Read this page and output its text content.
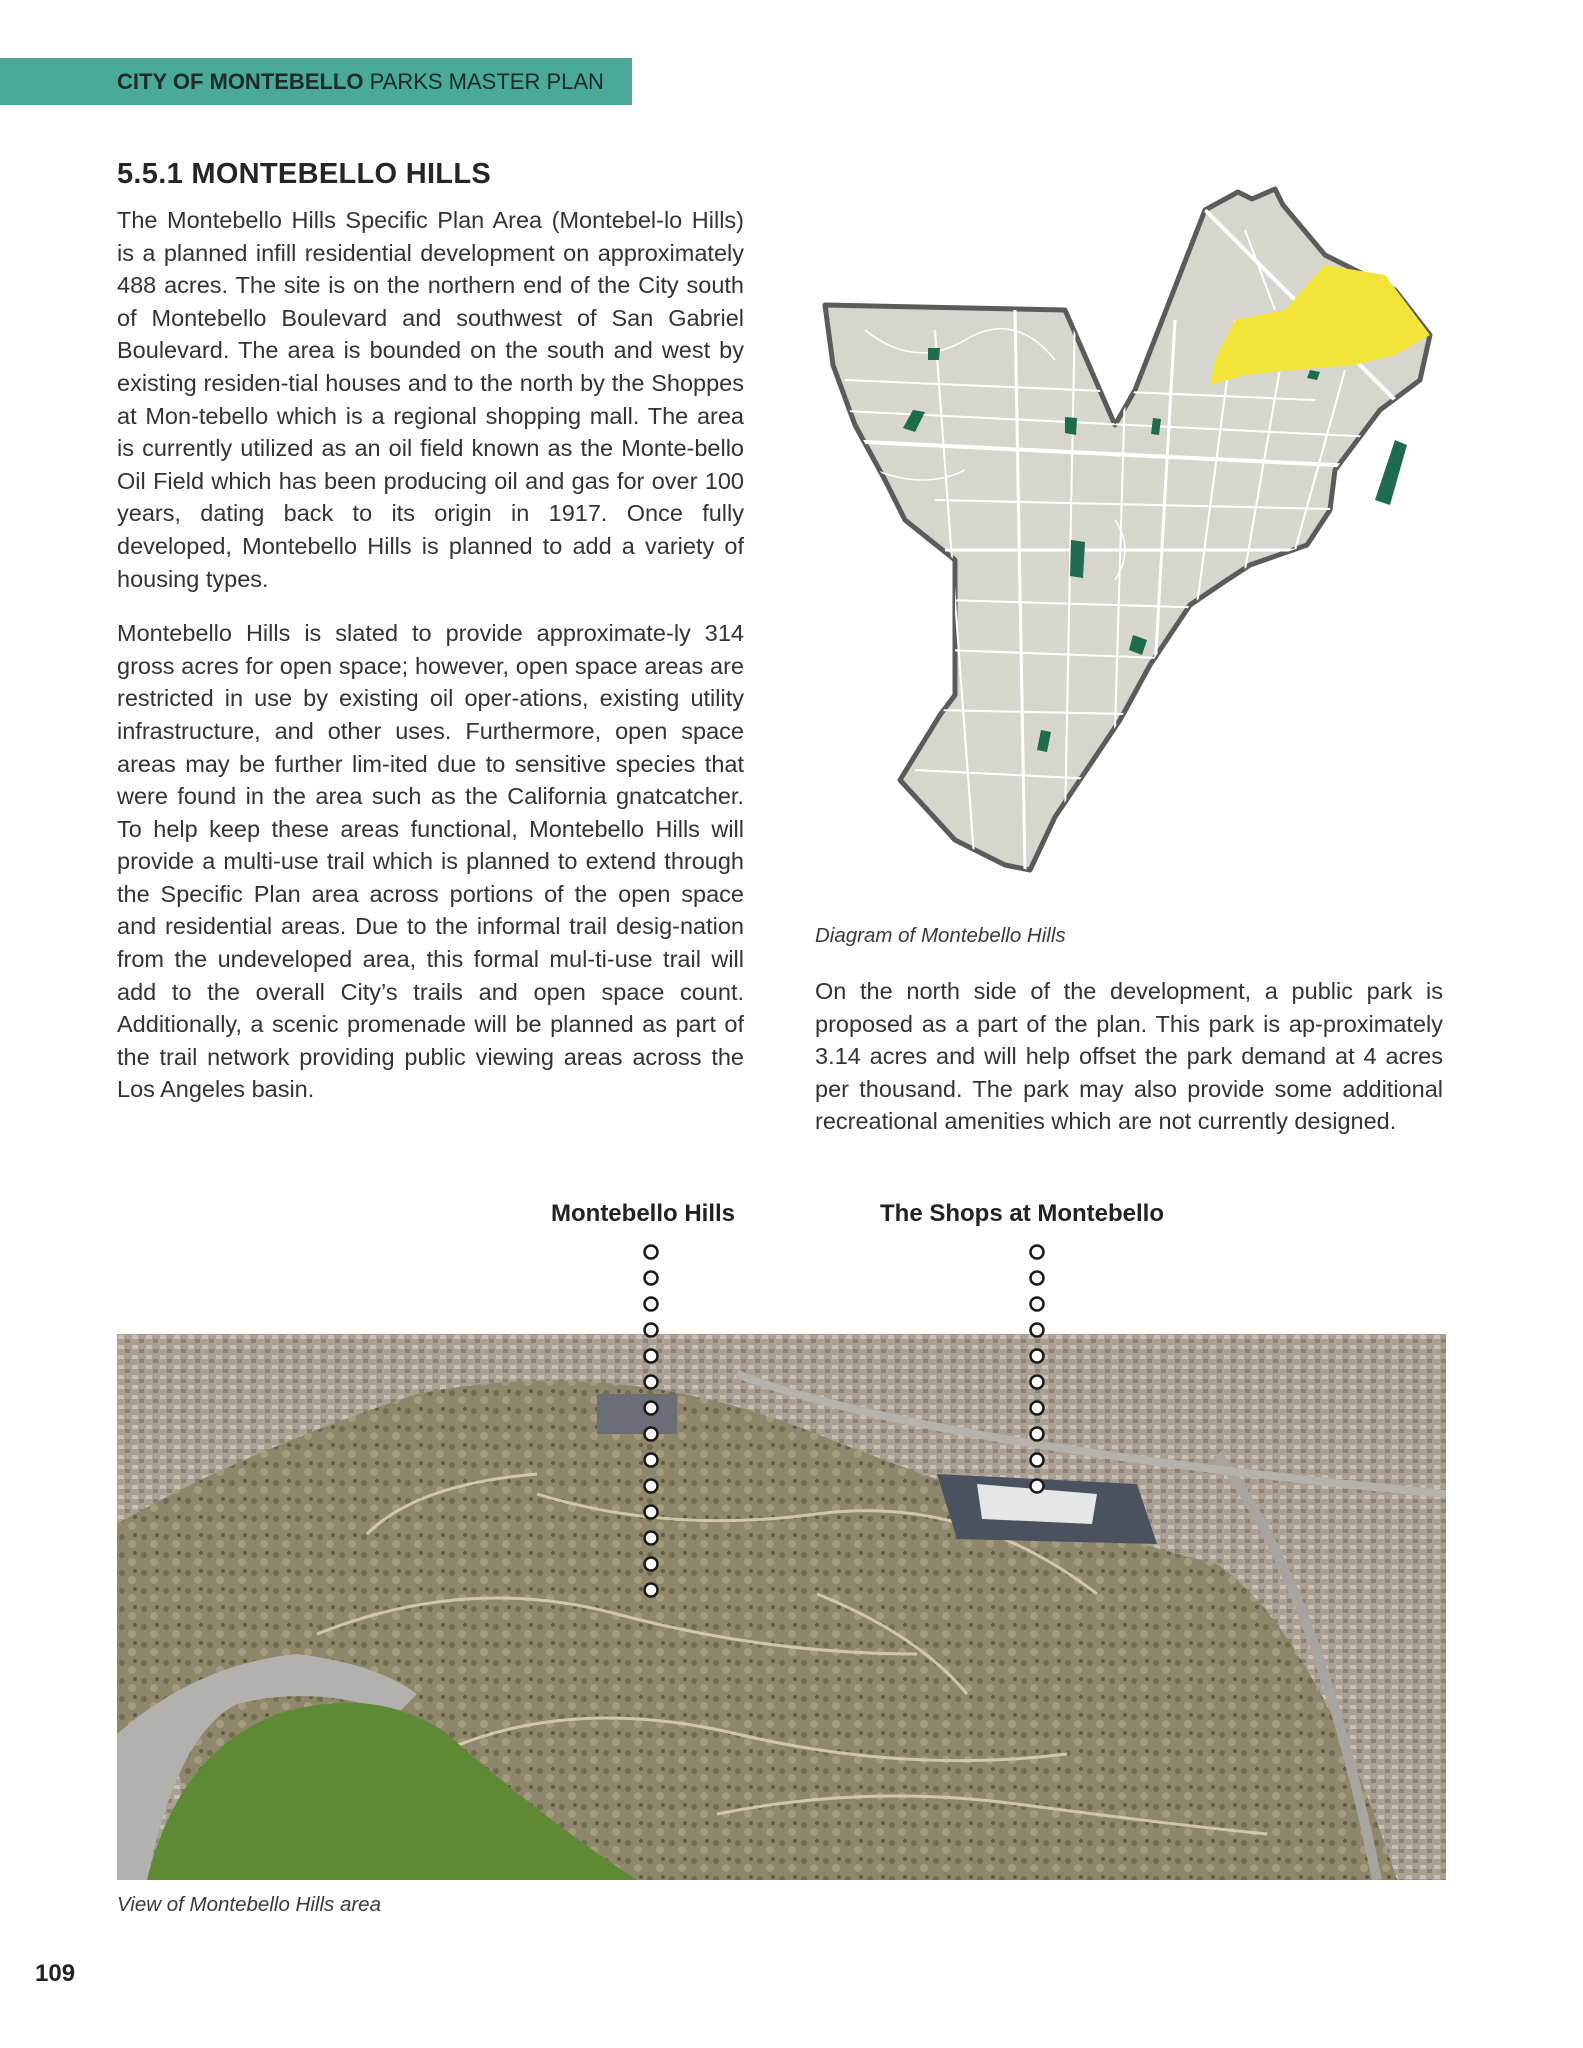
CITY OF MONTEBELLO PARKS MASTER PLAN
5.5.1 MONTEBELLO HILLS

The Montebello Hills Specific Plan Area (Montebel-lo Hills) is a planned infill residential development on approximately 488 acres. The site is on the northern end of the City south of Montebello Boulevard and southwest of San Gabriel Boulevard. The area is bounded on the south and west by existing residen-tial houses and to the north by the Shoppes at Mon-tebello which is a regional shopping mall. The area is currently utilized as an oil field known as the Monte-bello Oil Field which has been producing oil and gas for over 100 years, dating back to its origin in 1917. Once fully developed, Montebello Hills is planned to add a variety of housing types.

Montebello Hills is slated to provide approximate-ly 314 gross acres for open space; however, open space areas are restricted in use by existing oil oper-ations, existing utility infrastructure, and other uses. Furthermore, open space areas may be further lim-ited due to sensitive species that were found in the area such as the California gnatcatcher. To help keep these areas functional, Montebello Hills will provide a multi-use trail which is planned to extend through the Specific Plan area across portions of the open space and residential areas. Due to the informal trail desig-nation from the undeveloped area, this formal mul-ti-use trail will add to the overall City’s trails and open space count. Additionally, a scenic promenade will be planned as part of the trail network providing public viewing areas across the Los Angeles basin.

Diagram of Montebello Hills

On the north side of the development, a public park is proposed as a part of the plan. This park is ap-proximately 3.14 acres and will help offset the park demand at 4 acres per thousand. The park may also provide some additional recreational amenities which are not currently designed.

Montebello Hills	The Shops at Montebello
View of Montebello Hills area
109
